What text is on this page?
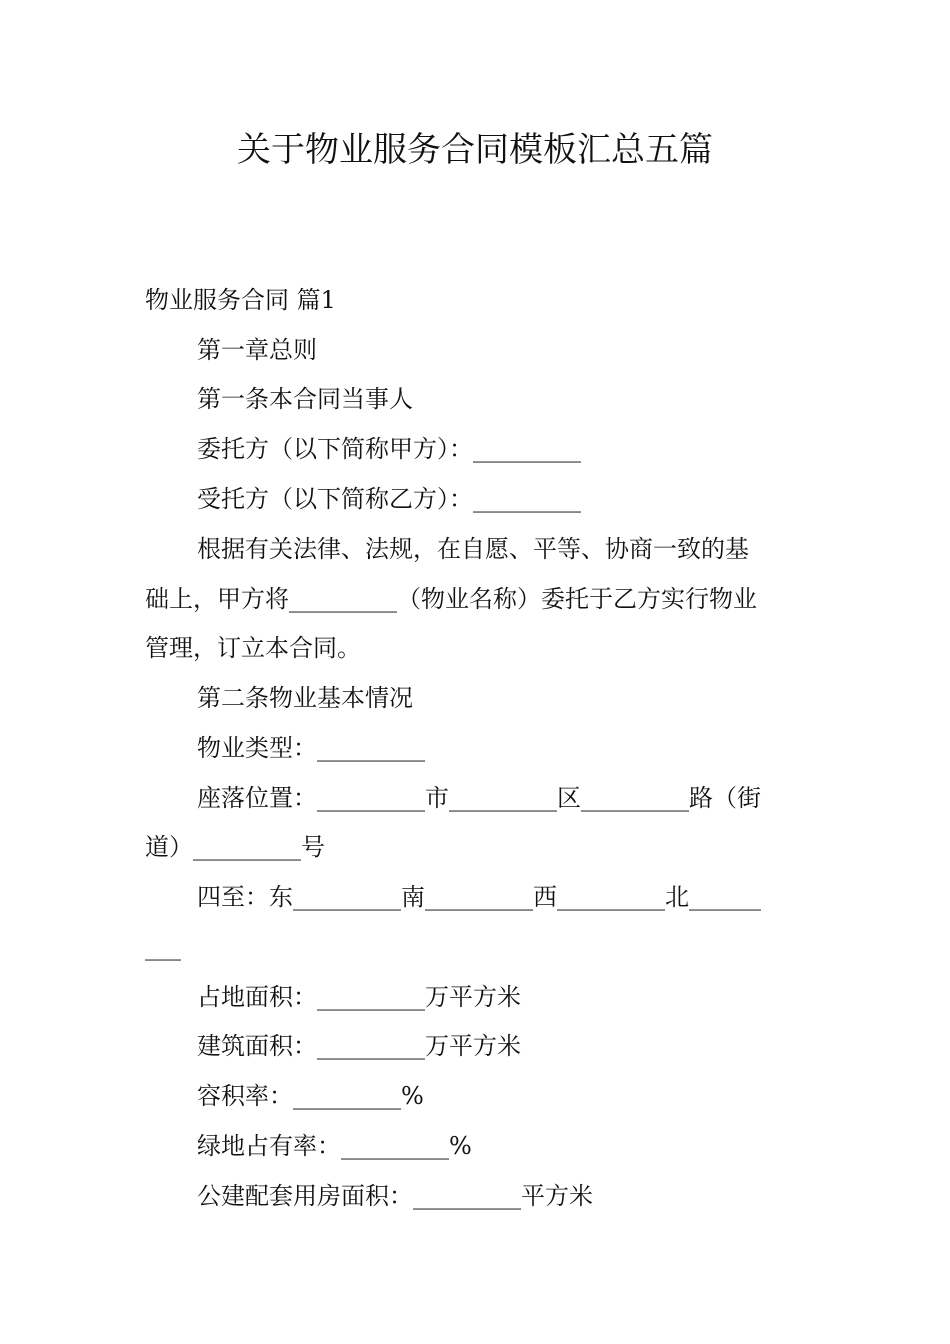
关于物业服务合同模板汇总五篇
物业服务合同 篇1
第一章总则
第一条本合同当事人
委托方（以下简称甲方）：_________
受托方（以下简称乙方）：_________
根据有关法律、法规，在自愿、平等、协商一致的基
础上，甲方将_________（物业名称）委托于乙方实行物业
管理，订立本合同。
第二条物业基本情况
物业类型：_________
座落位置：_________市_________区_________路（街
道）_________号
四至：东_________南_________西_________北______
___
占地面积：_________万平方米
建筑面积：_________万平方米
容积率：_________%
绿地占有率：_________%
公建配套用房面积：_________平方米
